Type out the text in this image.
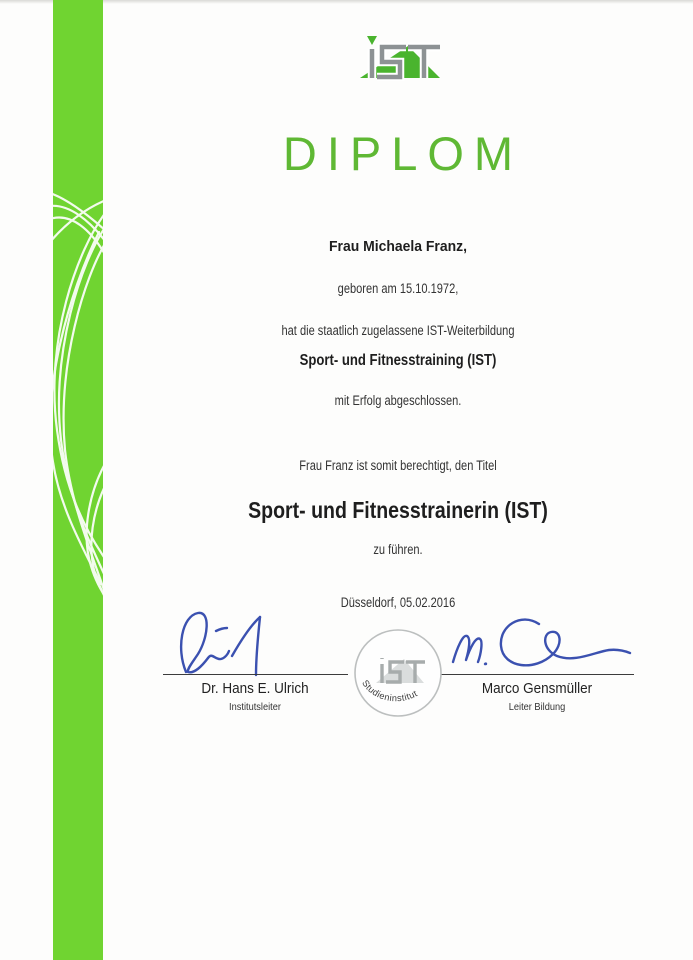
DIPLOM
Frau Michaela Franz,
geboren am 15.10.1972,
hat die staatlich zugelassene IST-Weiterbildung
Sport- und Fitnesstraining (IST)
mit Erfolg abgeschlossen.
Frau Franz ist somit berechtigt, den Titel
Sport- und Fitnesstrainerin (IST)
zu führen.
Düsseldorf, 05.02.2016
Dr. Hans E. Ulrich
Institutsleiter
Marco Gensmüller
Leiter Bildung
Studieninstitut
